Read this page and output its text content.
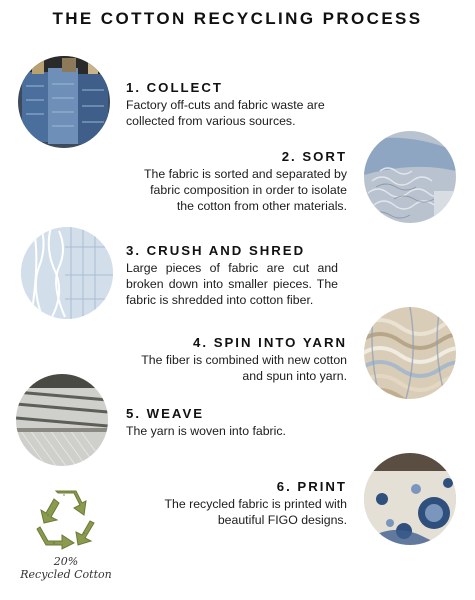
THE COTTON RECYCLING PROCESS
1. COLLECT
Factory off-cuts and fabric waste are collected from various sources.
2. SORT
The fabric is sorted and separated by fabric composition in order to isolate the cotton from other materials.
3. CRUSH AND SHRED
Large pieces of fabric are cut and broken down into smaller pieces. The fabric is shredded into cotton fiber.
4. SPIN INTO YARN
The fiber is combined with new cotton and spun into yarn.
5. WEAVE
The yarn is woven into fabric.
6. PRINT
The recycled fabric is printed with beautiful FIGO designs.
20%
Recycled Cotton
